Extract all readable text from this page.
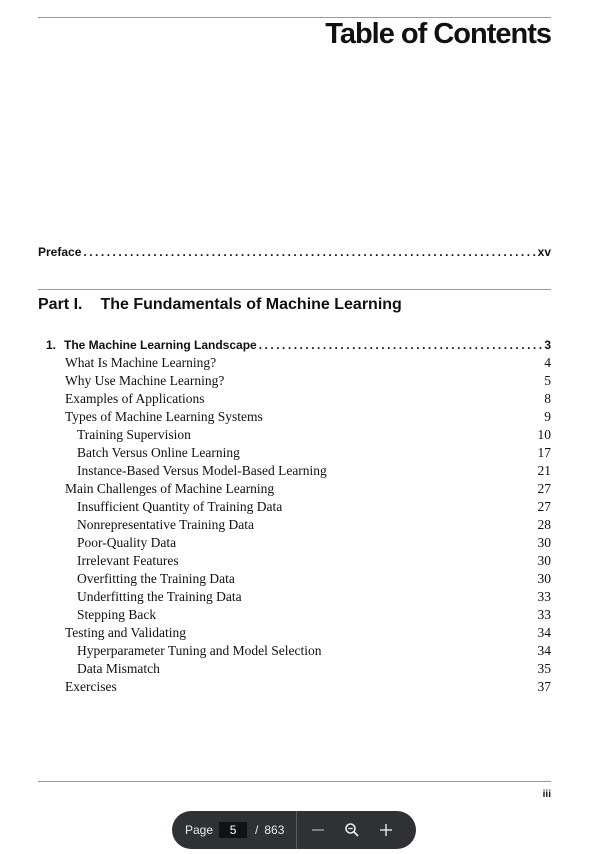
Table of Contents
Preface .....	xv
Part I. The Fundamentals of Machine Learning
1. The Machine Learning Landscape .....	3
What Is Machine Learning?	4
Why Use Machine Learning?	5
Examples of Applications	8
Types of Machine Learning Systems	9
Training Supervision	10
Batch Versus Online Learning	17
Instance-Based Versus Model-Based Learning	21
Main Challenges of Machine Learning	27
Insufficient Quantity of Training Data	27
Nonrepresentative Training Data	28
Poor-Quality Data	30
Irrelevant Features	30
Overfitting the Training Data	30
Underfitting the Training Data	33
Stepping Back	33
Testing and Validating	34
Hyperparameter Tuning and Model Selection	34
Data Mismatch	35
Exercises	37
iii
Page	5	/ 863
